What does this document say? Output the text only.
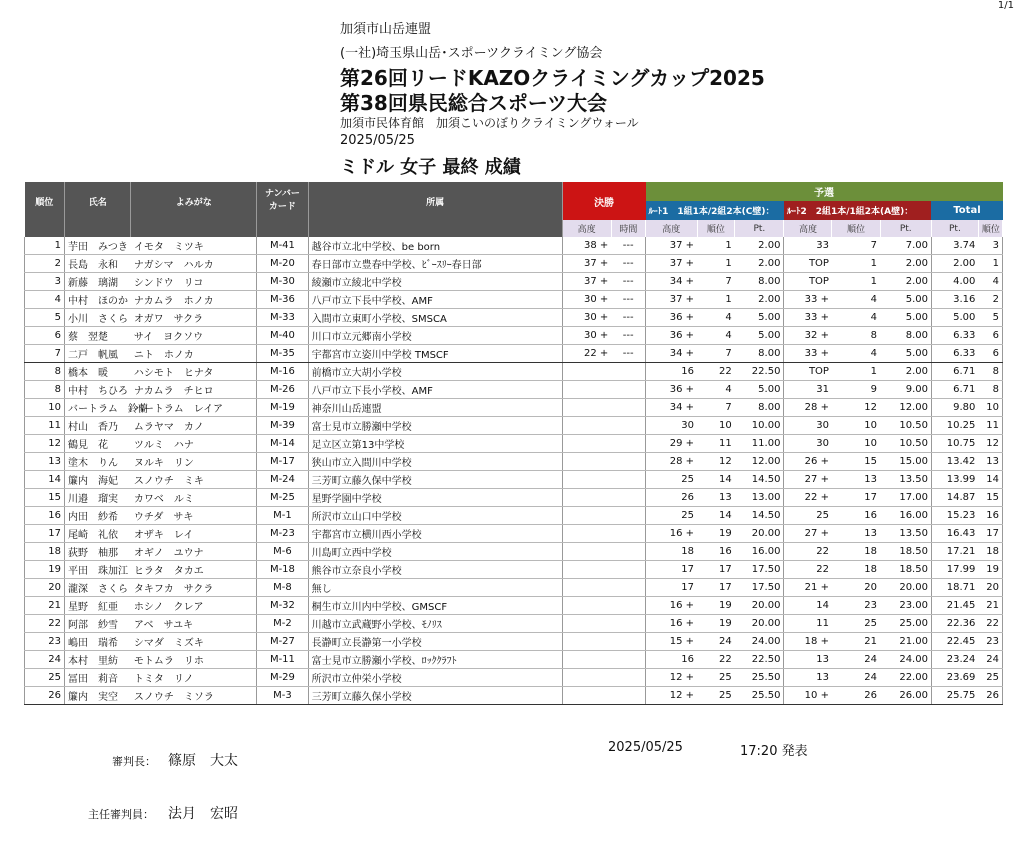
1/1
加須市山岳連盟
(一社)埼玉県山岳･スポーツクライミング協会
第26回リードKAZOクライミングカップ2025
第38回県民総合スポーツ大会
加須市民体育館　加須こいのぼりクライミングウォール
2025/05/25
ミドル 女子 最終 成績
順位	氏名	よみがな	ナンバー
カード	所属	決勝		予選							
							ﾙｰﾄ1　1組1本/2組2本(C壁)：			ﾙｰﾄ2　2組1本/1組2本(A壁)：			Total	
					高度	時間	高度	順位	Pt.	高度	順位	Pt.	Pt.	順位
1	芋田　みつき	イモタ　ミツキ	M-41	越谷市立北中学校、be born	38 +	---	37 +	1	2.00	33	7	7.00	3.74	3
2	長島　永和	ナガシマ　ハルカ	M-20	春日部市立豊春中学校、ﾋﾞｰｽﾘｰ春日部	37 +	---	37 +	1	2.00	TOP	1	2.00	2.00	1
3	新藤　璃湖	シンドウ　リコ	M-30	綾瀬市立綾北中学校	37 +	---	34 +	7	8.00	TOP	1	2.00	4.00	4
4	中村　ほのか	ナカムラ　ホノカ	M-36	八戸市立下長中学校、AMF	30 +	---	37 +	1	2.00	33 +	4	5.00	3.16	2
5	小川　さくら	オガワ　サクラ	M-33	入間市立東町小学校、SMSCA	30 +	---	36 +	4	5.00	33 +	4	5.00	5.00	5
6	蔡　翌楚	サイ　ヨクソウ	M-40	川口市立元郷南小学校	30 +	---	36 +	4	5.00	32 +	8	8.00	6.33	6
7	二戸　帆風	ニト　ホノカ	M-35	宇都宮市立姿川中学校 TMSCF	22 +	---	34 +	7	8.00	33 +	4	5.00	6.33	6
8	橋本　暖	ハシモト　ヒナタ	M-16	前橋市立大胡小学校			16	22	22.50	TOP	1	2.00	6.71	8
8	中村　ちひろ	ナカムラ　チヒロ	M-26	八戸市立下長小学校、AMF			36 +	4	5.00	31	9	9.00	6.71	8
10	バートラム　鈴蘭	バートラム　レイア	M-19	神奈川山岳連盟			34 +	7	8.00	28 +	12	12.00	9.80	10
11	村山　香乃	ムラヤマ　カノ	M-39	富士見市立勝瀬中学校			30	10	10.00	30	10	10.50	10.25	11
12	鶴見　花	ツルミ　ハナ	M-14	足立区立第13中学校			29 +	11	11.00	30	10	10.50	10.75	12
13	塗木　りん	ヌルキ　リン	M-17	狭山市立入間川中学校			28 +	12	12.00	26 +	15	15.00	13.42	13
14	簾内　海妃	スノウチ　ミキ	M-24	三芳町立藤久保中学校			25	14	14.50	27 +	13	13.50	13.99	14
15	川邉　瑠実	カワベ　ルミ	M-25	星野学園中学校			26	13	13.00	22 +	17	17.00	14.87	15
16	内田　紗希	ウチダ　サキ	M-1	所沢市立山口中学校			25	14	14.50	25	16	16.00	15.23	16
17	尾崎　礼依	オザキ　レイ	M-23	宇都宮市立横川西小学校			16 +	19	20.00	27 +	13	13.50	16.43	17
18	荻野　柚那	オギノ　ユウナ	M-6	川島町立西中学校			18	16	16.00	22	18	18.50	17.21	18
19	平田　珠加江	ヒラタ　タカエ	M-18	熊谷市立奈良小学校			17	17	17.50	22	18	18.50	17.99	19
20	瀧深　さくら	タキフカ　サクラ	M-8	無し			17	17	17.50	21 +	20	20.00	18.71	20
21	星野　紅亜	ホシノ　クレア	M-32	桐生市立川内中学校、GMSCF			16 +	19	20.00	14	23	23.00	21.45	21
22	阿部　紗雪	アベ　サユキ	M-2	川越市立武蔵野小学校、ﾓﾉﾘｽ			16 +	19	20.00	11	25	25.00	22.36	22
23	嶋田　瑞希	シマダ　ミズキ	M-27	長瀞町立長瀞第一小学校			15 +	24	24.00	18 +	21	21.00	22.45	23
24	本村　里紡	モトムラ　リホ	M-11	富士見市立勝瀬小学校、ﾛｯｸｸﾗﾌﾄ			16	22	22.50	13	24	24.00	23.24	24
25	冨田　莉音	トミタ　リノ	M-29	所沢市立仲栄小学校			12 +	25	25.50	13	24	22.00	23.69	25
26	簾内　実空	スノウチ　ミソラ	M-3	三芳町立藤久保小学校			12 +	25	25.50	10 +	26	26.00	25.75	26
審判長： 篠原　大太
2025/05/25	17:20 発表
主任審判員： 法月　宏昭
